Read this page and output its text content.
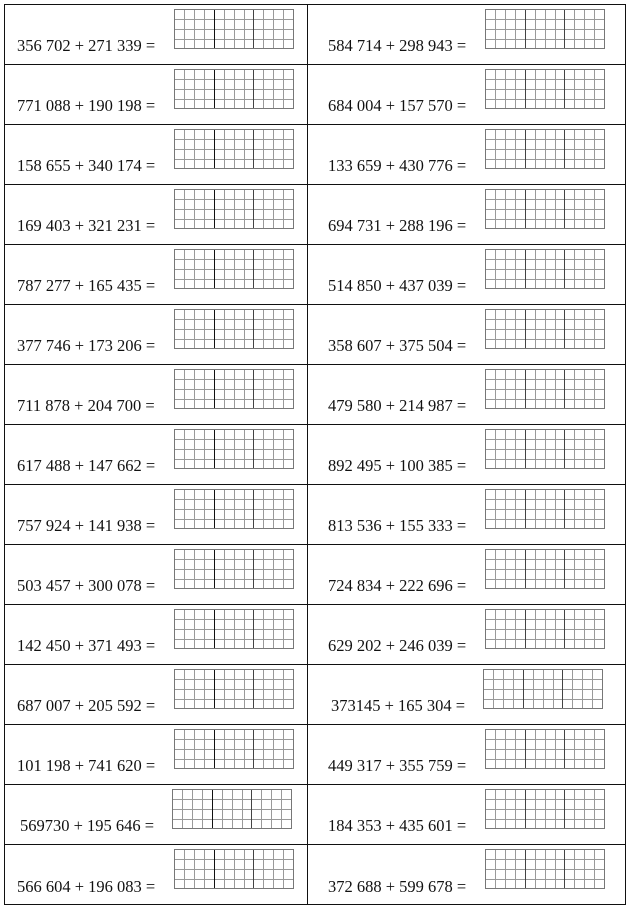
356 702 + 271 339 =	584 714 + 298 943 =
771 088 + 190 198 =	684 004 + 157 570 =
158 655 + 340 174 =	133 659 + 430 776 =
169 403 + 321 231 =	694 731 + 288 196 =
787 277 + 165 435 =	514 850 + 437 039 =
377 746 + 173 206 =	358 607 + 375 504 =
711 878 + 204 700 =	479 580 + 214 987 =
617 488 + 147 662 =	892 495 + 100 385 =
757 924 + 141 938 =	813 536 + 155 333 =
503 457 + 300 078 =	724 834 + 222 696 =
142 450 + 371 493 =	629 202 + 246 039 =
687 007 + 205 592 =	373145 + 165 304 =
101 198 + 741 620 =	449 317 + 355 759 =
569730 + 195 646 =	184 353 + 435 601 =
566 604 + 196 083 =	372 688 + 599 678 =
